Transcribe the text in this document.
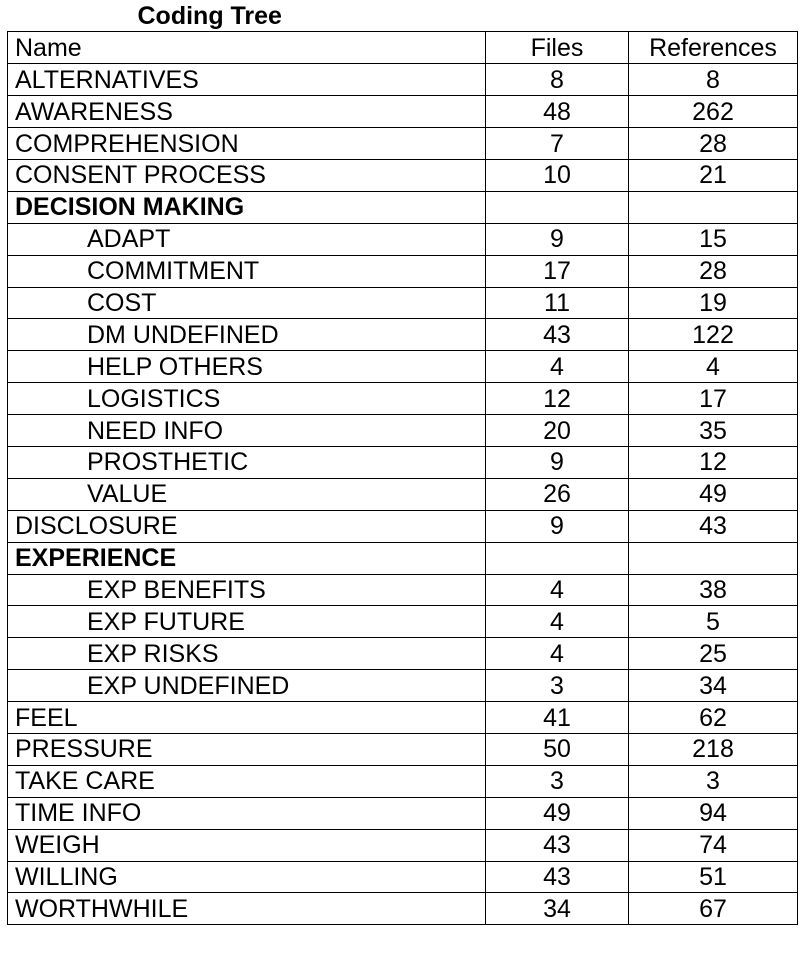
Coding Tree		
Name	Files	References
ALTERNATIVES	8	8
AWARENESS	48	262
COMPREHENSION	7	28
CONSENT PROCESS	10	21
DECISION MAKING		
ADAPT	9	15
COMMITMENT	17	28
COST	11	19
DM UNDEFINED	43	122
HELP OTHERS	4	4
LOGISTICS	12	17
NEED INFO	20	35
PROSTHETIC	9	12
VALUE	26	49
DISCLOSURE	9	43
EXPERIENCE		
EXP BENEFITS	4	38
EXP FUTURE	4	5
EXP RISKS	4	25
EXP UNDEFINED	3	34
FEEL	41	62
PRESSURE	50	218
TAKE CARE	3	3
TIME INFO	49	94
WEIGH	43	74
WILLING	43	51
WORTHWHILE	34	67
